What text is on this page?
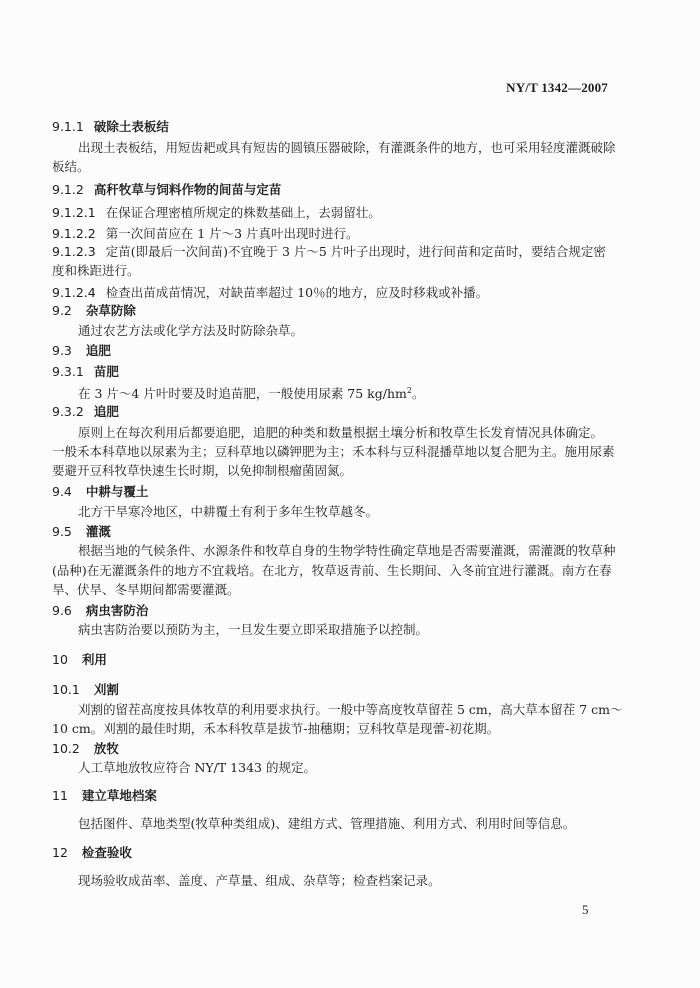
NY/T 1342—2007
9.1.1 破除土表板结
出现土表板结，用短齿耙或具有短齿的圆镇压器破除，有灌溉条件的地方，也可采用轻度灌溉破除
板结。
9.1.2 高秆牧草与饲料作物的间苗与定苗
9.1.2.1 在保证合理密植所规定的株数基础上，去弱留壮。
9.1.2.2 第一次间苗应在 1 片～3 片真叶出现时进行。
9.1.2.3 定苗(即最后一次间苗)不宜晚于 3 片～5 片叶子出现时，进行间苗和定苗时，要结合规定密
度和株距进行。
9.1.2.4 检查出苗成苗情况，对缺苗率超过 10％的地方，应及时移栽或补播。
9.2 杂草防除
通过农艺方法或化学方法及时防除杂草。
9.3 追肥
9.3.1 苗肥
在 3 片～4 片叶时要及时追苗肥，一般使用尿素 75 $kg/hm^2$。
9.3.2 追肥
原则上在每次利用后都要追肥，追肥的种类和数量根据土壤分析和牧草生长发育情况具体确定。
一般禾本科草地以尿素为主；豆科草地以磷钾肥为主；禾本科与豆科混播草地以复合肥为主。施用尿素
要避开豆科牧草快速生长时期，以免抑制根瘤菌固氮。
9.4 中耕与覆土
北方干旱寒冷地区，中耕覆土有利于多年生牧草越冬。
9.5 灌溉
根据当地的气候条件、水源条件和牧草自身的生物学特性确定草地是否需要灌溉，需灌溉的牧草种
(品种)在无灌溉条件的地方不宜栽培。在北方，牧草返青前、生长期间、入冬前宜进行灌溉。南方在春
旱、伏旱、冬旱期间都需要灌溉。
9.6 病虫害防治
病虫害防治要以预防为主，一旦发生要立即采取措施予以控制。
10 利用
10.1 刈割
刈割的留茬高度按具体牧草的利用要求执行。一般中等高度牧草留茬 5 cm，高大草本留茬 7 cm～
10 cm。刈割的最佳时期，禾本科牧草是拔节-抽穗期；豆科牧草是现蕾-初花期。
10.2 放牧
人工草地放牧应符合 NY/T 1343 的规定。
11 建立草地档案
包括图件、草地类型(牧草种类组成)、建组方式、管理措施、利用方式、利用时间等信息。
12 检查验收
现场验收成苗率、盖度、产草量、组成、杂草等；检查档案记录。
5
